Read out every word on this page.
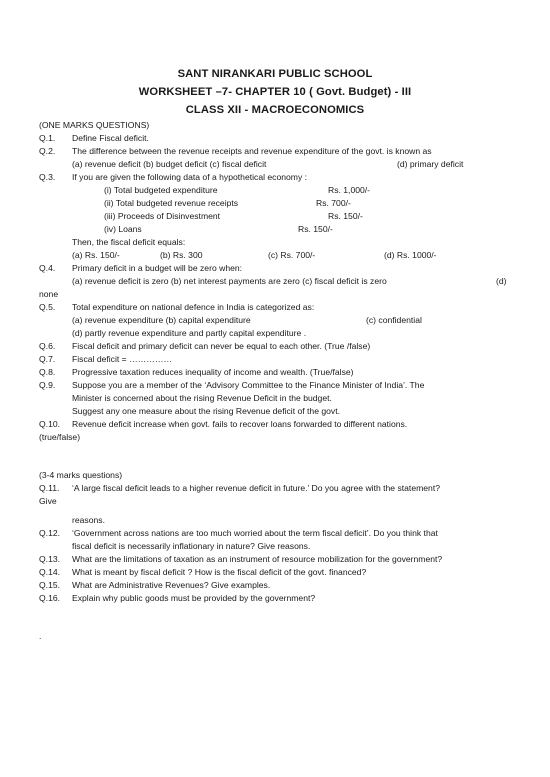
SANT NIRANKARI PUBLIC SCHOOL
WORKSHEET –7- CHAPTER 10 ( Govt. Budget) - III
CLASS XII - MACROECONOMICS
(ONE MARKS QUESTIONS)
Q.1. Define Fiscal deficit.
Q.2. The difference between the revenue receipts and revenue expenditure of the govt. is known as
(a) revenue deficit (b) budget deficit (c) fiscal deficit	(d) primary deficit
Q.3. If you are given the following data of a hypothetical economy :
(i) Total budgeted expenditure	Rs. 1,000/-
(ii) Total budgeted revenue receipts	Rs. 700/-
(iii) Proceeds of Disinvestment	Rs. 150/-
(iv) Loans	Rs. 150/-
Then, the fiscal deficit equals:
(a) Rs. 150/-	(b) Rs. 300	(c) Rs. 700/-	(d) Rs. 1000/-
Q.4. Primary deficit in a budget will be zero when:
(a) revenue deficit is zero (b) net interest payments are zero (c) fiscal deficit is zero	(d)
none
Q.5. Total expenditure on national defence in India is categorized as:
(a) revenue expenditure (b) capital expenditure	(c) confidential
(d) partly revenue expenditure and partly capital expenditure .
Q.6. Fiscal deficit and primary deficit can never be equal to each other. (True /false)
Q.7. Fiscal deficit = ……………
Q.8. Progressive taxation reduces inequality of income and wealth. (True/false)
Q.9. Suppose you are a member of the ‘Advisory Committee to the Finance Minister of India’. The
Minister is concerned about the rising Revenue Deficit in the budget.
Suggest any one measure about the rising Revenue deficit of the govt.
Q.10. Revenue deficit increase when govt. fails to recover loans forwarded to different nations.
(true/false)
(3-4 marks questions)
Q.11. ‘A large fiscal deficit leads to a higher revenue deficit in future.’ Do you agree with the statement?
Give
reasons.
Q.12. ‘Government across nations are too much worried about the term fiscal deficit’. Do you think that
fiscal deficit is necessarily inflationary in nature? Give reasons.
Q.13. What are the limitations of taxation as an instrument of resource mobilization for the government?
Q.14. What is meant by fiscal deficit ? How is the fiscal deficit of the govt. financed?
Q.15. What are Administrative Revenues? Give examples.
Q.16. Explain why public goods must be provided by the government?
.
